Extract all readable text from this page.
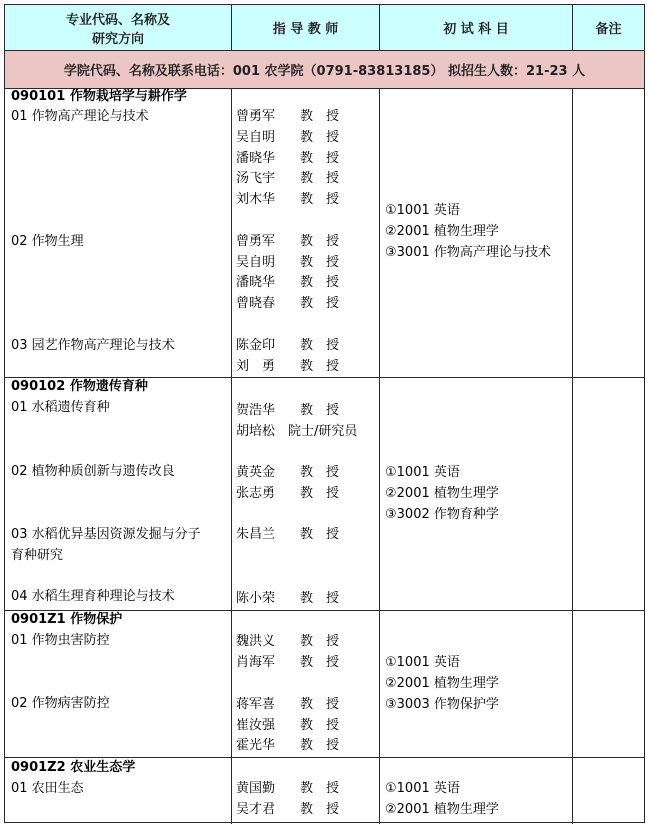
专业代码、名称及
研究方向
指 导 教 师	初 试 科 目	备注
学院代码、名称及联系电话：001 农学院（0791-83813185） 拟招生人数：21-23 人
090101 作物栽培学与耕作学
01 作物高产理论与技术	曾勇军 教　授
吴自明 教　授
潘晓华 教　授
汤飞宇 教　授
刘木华 教　授
02 作物生理	曾勇军 教　授
吴自明 教　授
潘晓华 教　授
曾晓春 教　授
03 园艺作物高产理论与技术	陈金印 教　授
刘　勇 教　授
①1001 英语
②2001 植物生理学
③3001 作物高产理论与技术
090102 作物遗传育种
01 水稻遗传育种	贺浩华 教　授
胡培松 院士/研究员
02 植物种质创新与遗传改良	黄英金 教　授
张志勇 教　授
03 水稻优异基因资源发掘与分子
育种研究
朱昌兰 教　授
04 水稻生理育种理论与技术	陈小荣 教　授
①1001 英语
②2001 植物生理学
③3002 作物育种学
0901Z1 作物保护
01 作物虫害防控	魏洪义 教　授
肖海军 教　授
02 作物病害防控	蒋军喜 教　授
崔汝强 教　授
霍光华 教　授
①1001 英语
②2001 植物生理学
③3003 作物保护学
0901Z2 农业生态学
01 农田生态	黄国勤 教　授
吴才君 教　授
①1001 英语
②2001 植物生理学
